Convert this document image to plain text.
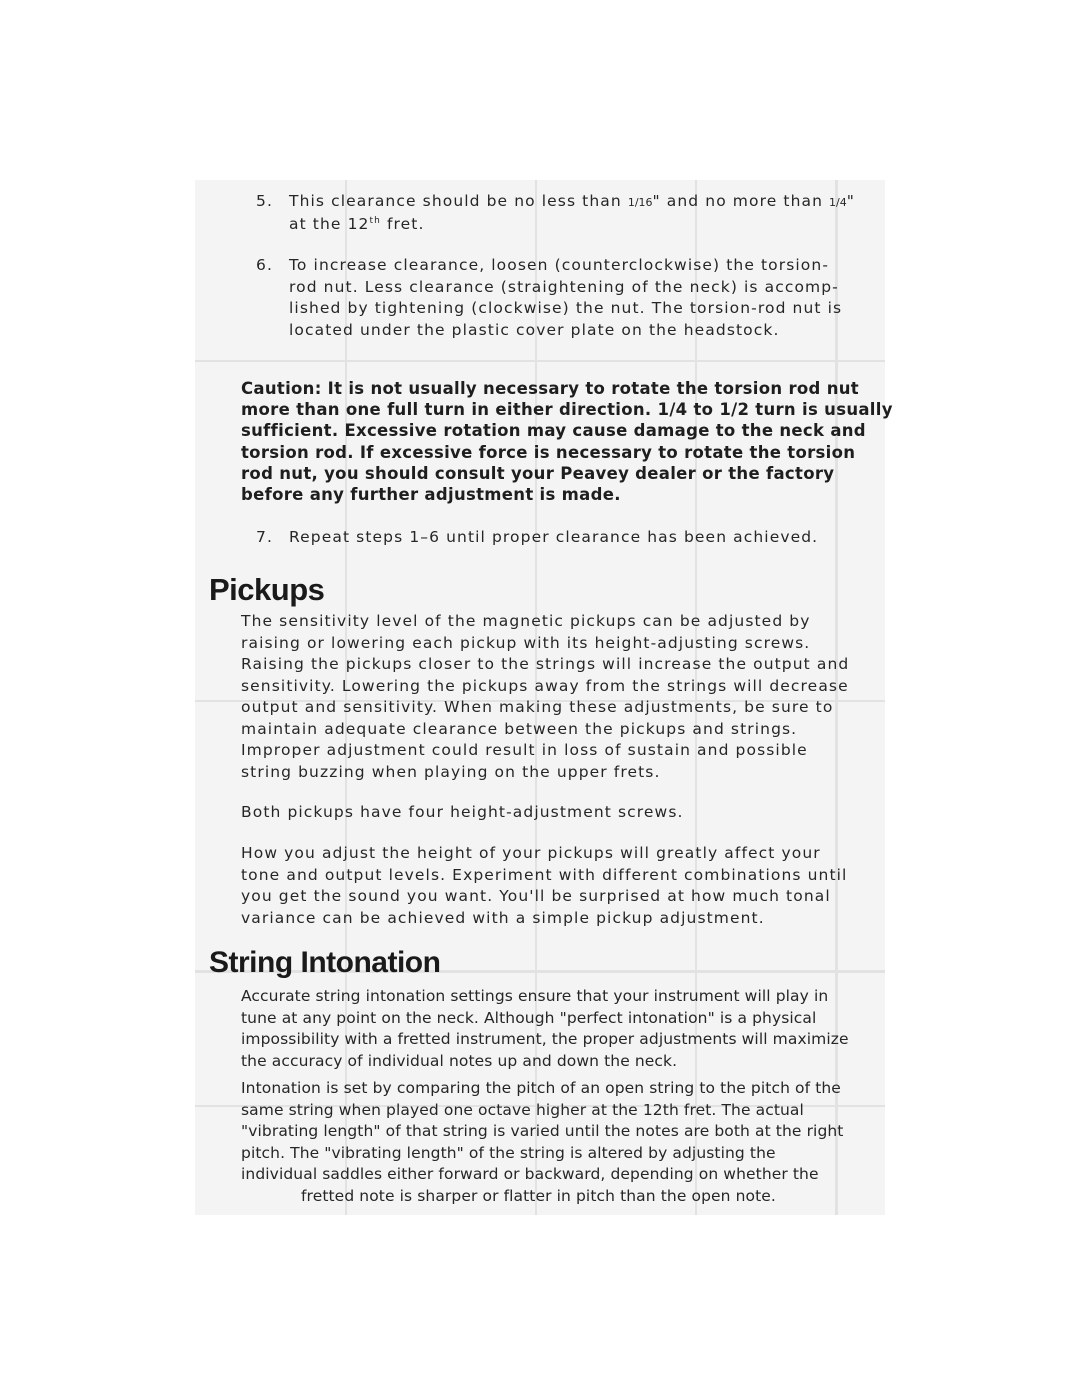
5. This clearance should be no less than 1/16" and no more than 1/4"

at the 12th fret.

6. To increase clearance, loosen (counterclockwise) the torsion-

rod nut. Less clearance (straightening of the neck) is accomp-

lished by tightening (clockwise) the nut. The torsion-rod nut is

located under the plastic cover plate on the headstock.

Caution: It is not usually necessary to rotate the torsion rod nut

more than one full turn in either direction. 1/4 to 1/2 turn is usually

sufficient. Excessive rotation may cause damage to the neck and

torsion rod. If excessive force is necessary to rotate the torsion

rod nut, you should consult your Peavey dealer or the factory

before any further adjustment is made.

7. Repeat steps 1–6 until proper clearance has been achieved.

Pickups

The sensitivity level of the magnetic pickups can be adjusted by

raising or lowering each pickup with its height-adjusting screws.

Raising the pickups closer to the strings will increase the output and

sensitivity. Lowering the pickups away from the strings will decrease

output and sensitivity. When making these adjustments, be sure to

maintain adequate clearance between the pickups and strings.

Improper adjustment could result in loss of sustain and possible

string buzzing when playing on the upper frets.

Both pickups have four height-adjustment screws.

How you adjust the height of your pickups will greatly affect your

tone and output levels. Experiment with different combinations until

you get the sound you want. You'll be surprised at how much tonal

variance can be achieved with a simple pickup adjustment.

String Intonation

Accurate string intonation settings ensure that your instrument will play in

tune at any point on the neck. Although "perfect intonation" is a physical

impossibility with a fretted instrument, the proper adjustments will maximize

the accuracy of individual notes up and down the neck.

Intonation is set by comparing the pitch of an open string to the pitch of the

same string when played one octave higher at the 12th fret. The actual

"vibrating length" of that string is varied until the notes are both at the right

pitch. The "vibrating length" of the string is altered by adjusting the

individual saddles either forward or backward, depending on whether the

fretted note is sharper or flatter in pitch than the open note.
